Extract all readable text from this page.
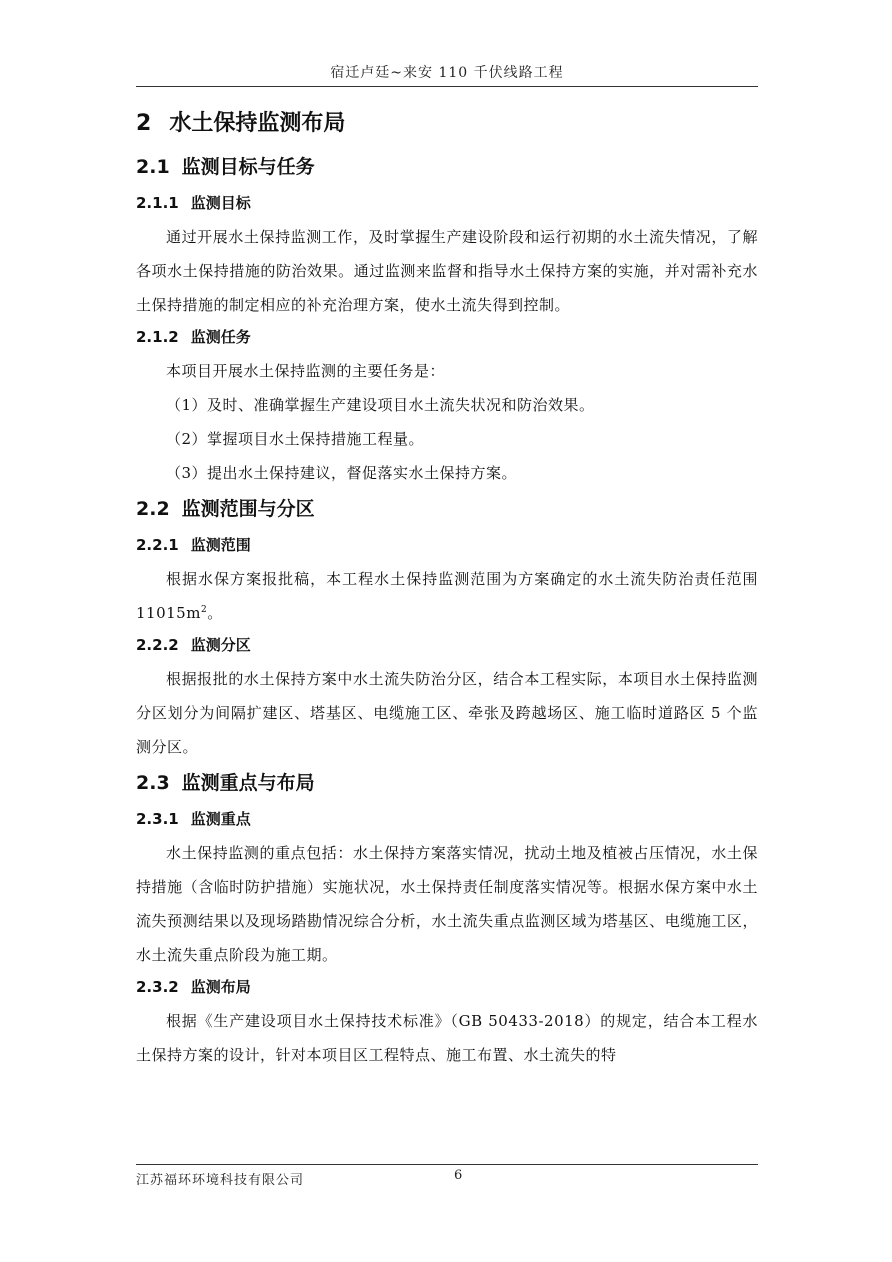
宿迁卢廷~来安 110 千伏线路工程
2 水土保持监测布局
2.1 监测目标与任务
2.1.1 监测目标

通过开展水土保持监测工作，及时掌握生产建设阶段和运行初期的水土流失情况，了解各项水土保持措施的防治效果。通过监测来监督和指导水土保持方案的实施，并对需补充水土保持措施的制定相应的补充治理方案，使水土流失得到控制。

2.1.2 监测任务

本项目开展水土保持监测的主要任务是：

（1）及时、准确掌握生产建设项目水土流失状况和防治效果。

（2）掌握项目水土保持措施工程量。

（3）提出水土保持建议，督促落实水土保持方案。

2.2 监测范围与分区
2.2.1 监测范围

根据水保方案报批稿，本工程水土保持监测范围为方案确定的水土流失防治责任范围 $11015m^2$。

2.2.2 监测分区

根据报批的水土保持方案中水土流失防治分区，结合本工程实际，本项目水土保持监测分区划分为间隔扩建区、塔基区、电缆施工区、牵张及跨越场区、施工临时道路区 5 个监测分区。

2.3 监测重点与布局
2.3.1 监测重点

水土保持监测的重点包括：水土保持方案落实情况，扰动土地及植被占压情况，水土保持措施（含临时防护措施）实施状况，水土保持责任制度落实情况等。根据水保方案中水土流失预测结果以及现场踏勘情况综合分析，水土流失重点监测区域为塔基区、电缆施工区，水土流失重点阶段为施工期。

2.3.2 监测布局

根据《生产建设项目水土保持技术标准》（GB 50433-2018）的规定，结合本工程水土保持方案的设计，针对本项目区工程特点、施工布置、水土流失的特

江苏福环环境科技有限公司	6
